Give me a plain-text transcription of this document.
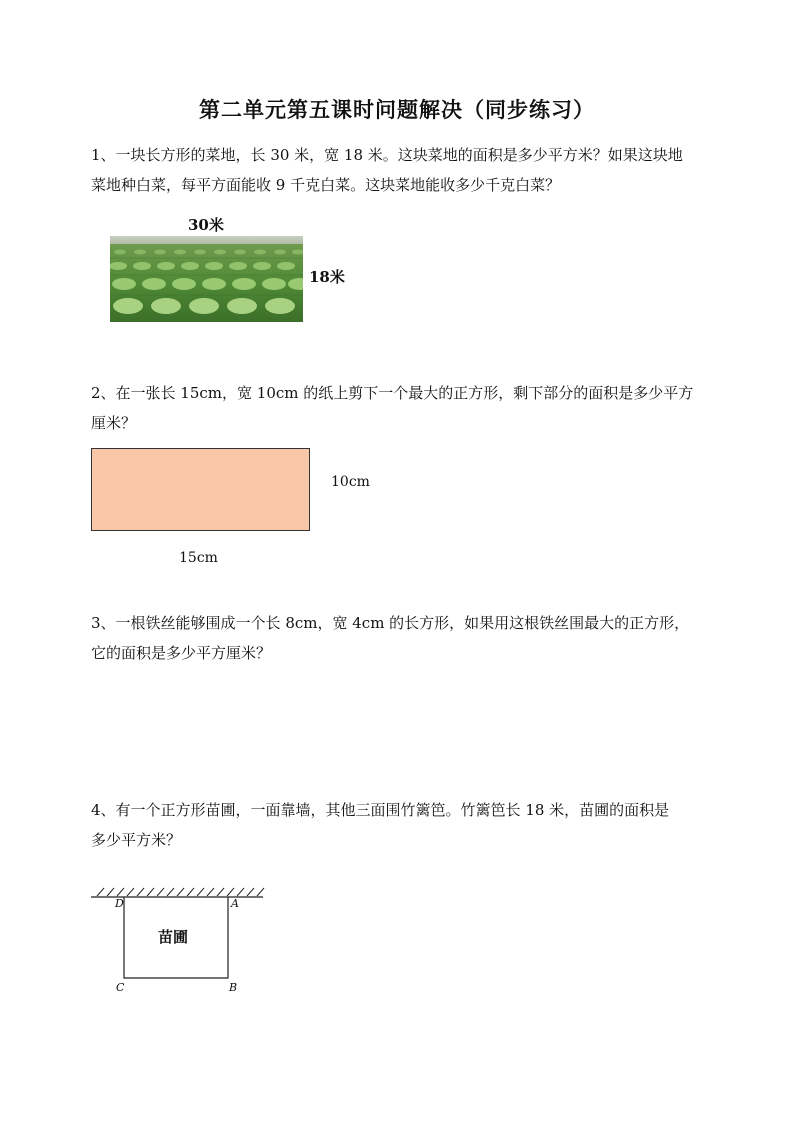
第二单元第五课时问题解决（同步练习）
1、一块长方形的菜地，长 30 米，宽 18 米。这块菜地的面积是多少平方米？如果这块地
菜地种白菜，每平方面能收 9 千克白菜。这块菜地能收多少千克白菜？
30米
18米
2、在一张长 15cm，宽 10cm 的纸上剪下一个最大的正方形，剩下部分的面积是多少平方
厘米？
10cm
15cm
3、一根铁丝能够围成一个长 8cm，宽 4cm 的长方形，如果用这根铁丝围最大的正方形，
它的面积是多少平方厘米？
4、有一个正方形苗圃，一面靠墙，其他三面围竹篱笆。竹篱笆长 18 米，苗圃的面积是
多少平方米？
苗圃
D	A
C	B
